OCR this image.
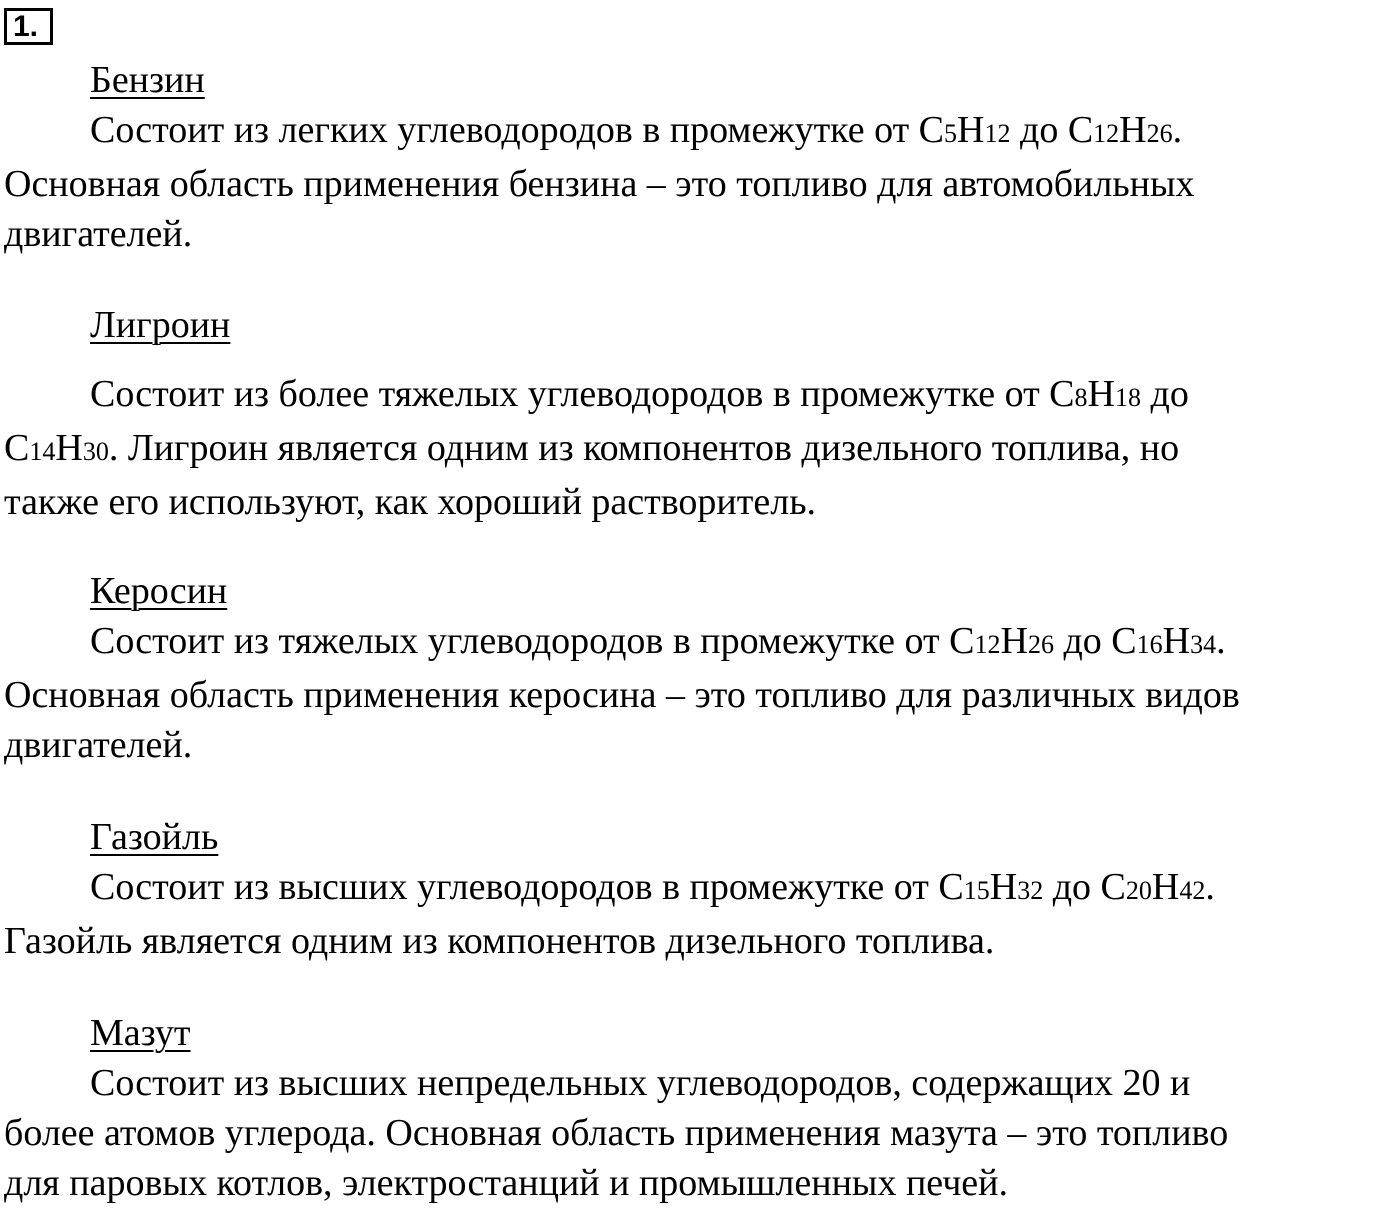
1.
Бензин
Состоит из легких углеводородов в промежутке от С5Н12 до С12Н26.
Основная область применения бензина – это топливо для автомобильных
двигателей.
Лигроин
Состоит из более тяжелых углеводородов в промежутке от С8Н18 до
С14Н30. Лигроин является одним из компонентов дизельного топлива, но
также его используют, как хороший растворитель.
Керосин
Состоит из тяжелых углеводородов в промежутке от С12Н26 до С16Н34.
Основная область применения керосина – это топливо для различных видов
двигателей.
Газойль
Состоит из высших углеводородов в промежутке от С15Н32 до С20Н42.
Газойль является одним из компонентов дизельного топлива.
Мазут
Состоит из высших непредельных углеводородов, содержащих 20 и
более атомов углерода. Основная область применения мазута – это топливо
для паровых котлов, электростанций и промышленных печей.
